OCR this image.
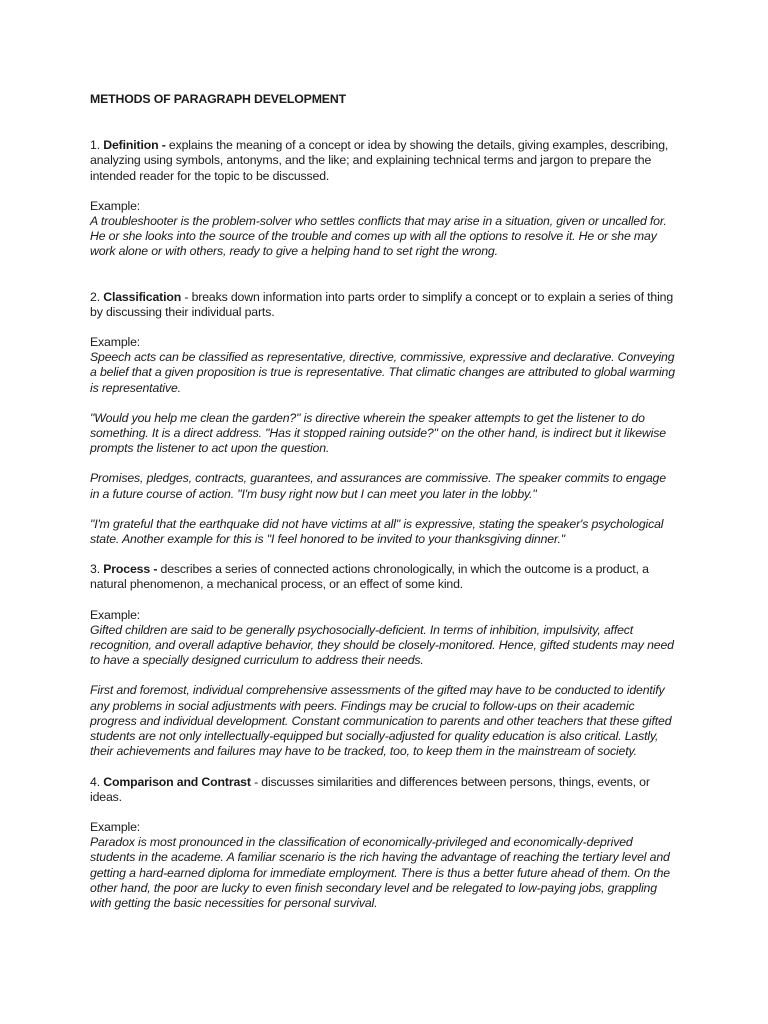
METHODS OF PARAGRAPH DEVELOPMENT

1. Definition - explains the meaning of a concept or idea by showing the details, giving examples, describing, analyzing using symbols, antonyms, and the like; and explaining technical terms and jargon to prepare the intended reader for the topic to be discussed.

Example:

A troubleshooter is the problem-solver who settles conflicts that may arise in a situation, given or uncalled for. He or she looks into the source of the trouble and comes up with all the options to resolve it. He or she may work alone or with others, ready to give a helping hand to set right the wrong.

2. Classification - breaks down information into parts order to simplify a concept or to explain a series of thing by discussing their individual parts.

Example:

Speech acts can be classified as representative, directive, commissive, expressive and declarative. Conveying a belief that a given proposition is true is representative. That climatic changes are attributed to global warming is representative.

"Would you help me clean the garden?" is directive wherein the speaker attempts to get the listener to do something. It is a direct address. "Has it stopped raining outside?" on the other hand, is indirect but it likewise prompts the listener to act upon the question.

Promises, pledges, contracts, guarantees, and assurances are commissive. The speaker commits to engage in a future course of action. "I'm busy right now but I can meet you later in the lobby."

"I'm grateful that the earthquake did not have victims at all" is expressive, stating the speaker's psychological state. Another example for this is "I feel honored to be invited to your thanksgiving dinner."

3. Process - describes a series of connected actions chronologically, in which the outcome is a product, a natural phenomenon, a mechanical process, or an effect of some kind.

Example:

Gifted children are said to be generally psychosocially-deficient. In terms of inhibition, impulsivity, affect recognition, and overall adaptive behavior, they should be closely-monitored. Hence, gifted students may need to have a specially designed curriculum to address their needs.

First and foremost, individual comprehensive assessments of the gifted may have to be conducted to identify any problems in social adjustments with peers. Findings may be crucial to follow-ups on their academic progress and individual development. Constant communication to parents and other teachers that these gifted students are not only intellectually-equipped but socially-adjusted for quality education is also critical. Lastly, their achievements and failures may have to be tracked, too, to keep them in the mainstream of society.

4. Comparison and Contrast - discusses similarities and differences between persons, things, events, or ideas.

Example:

Paradox is most pronounced in the classification of economically-privileged and economically-deprived students in the academe. A familiar scenario is the rich having the advantage of reaching the tertiary level and getting a hard-earned diploma for immediate employment. There is thus a better future ahead of them. On the other hand, the poor are lucky to even finish secondary level and be relegated to low-paying jobs, grappling with getting the basic necessities for personal survival.
